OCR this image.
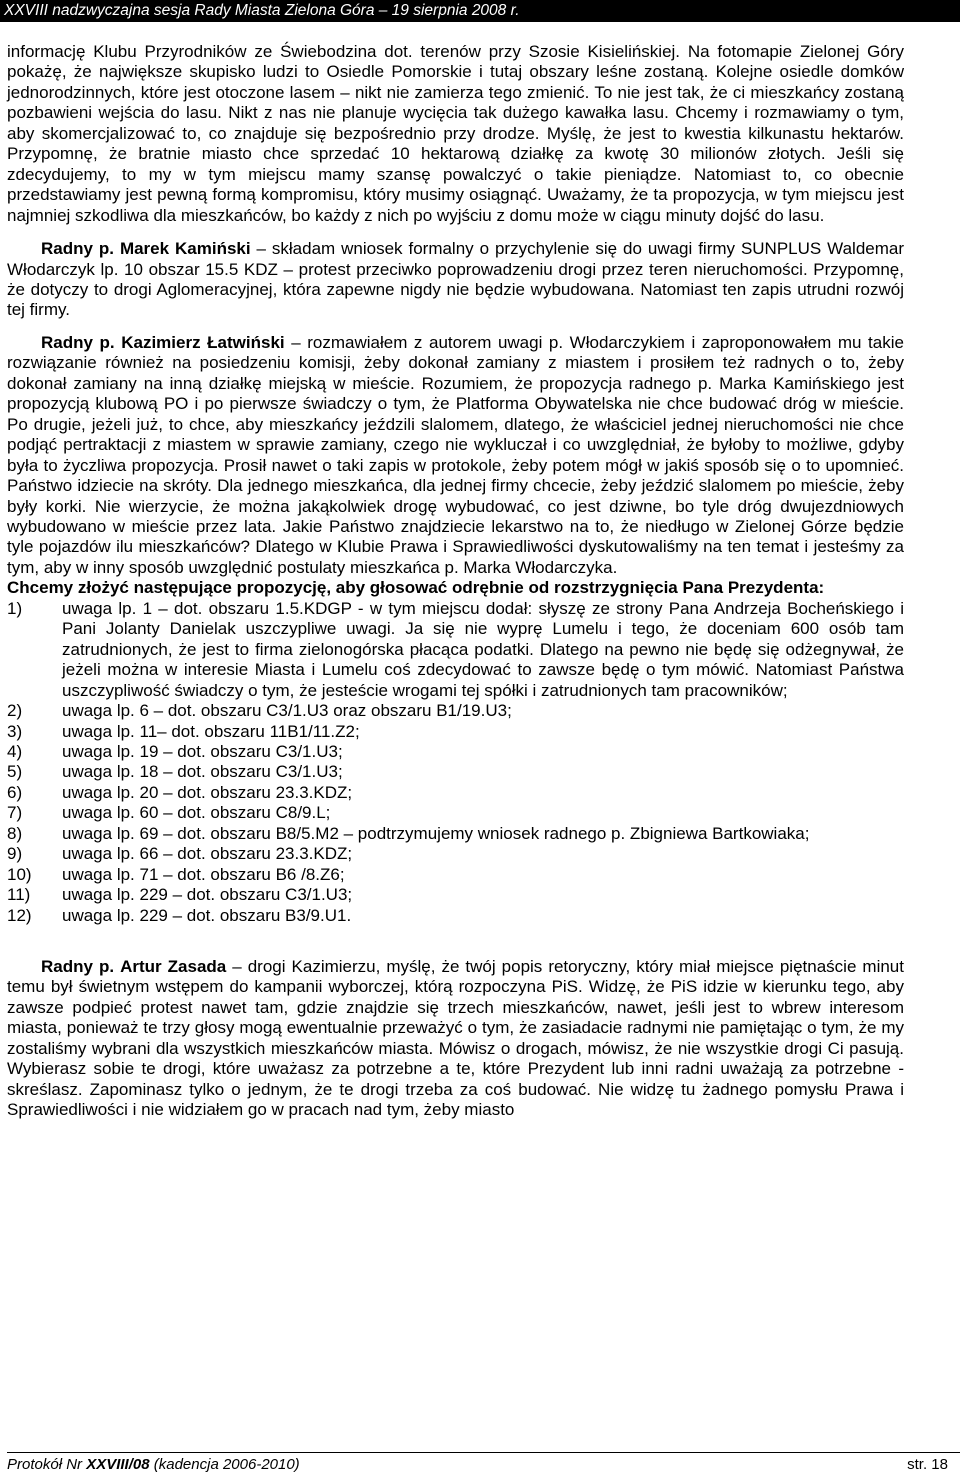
XXVIII nadzwyczajna sesja Rady Miasta Zielona Góra – 19 sierpnia 2008 r.

informację Klubu Przyrodników ze Świebodzina dot. terenów przy Szosie Kisielińskiej. Na fotomapie Zielonej Góry pokażę, że największe skupisko ludzi to Osiedle Pomorskie i tutaj obszary leśne zostaną. Kolejne osiedle domków jednorodzinnych, które jest otoczone lasem – nikt nie zamierza tego zmienić. To nie jest tak, że ci mieszkańcy zostaną pozbawieni wejścia do lasu. Nikt z nas nie planuje wycięcia tak dużego kawałka lasu. Chcemy i rozmawiamy o tym, aby skomercjalizować to, co znajduje się bezpośrednio przy drodze. Myślę, że jest to kwestia kilkunastu hektarów. Przypomnę, że bratnie miasto chce sprzedać 10 hektarową działkę za kwotę 30 milionów złotych. Jeśli się zdecydujemy, to my w tym miejscu mamy szansę powalczyć o takie pieniądze. Natomiast to, co obecnie przedstawiamy jest pewną formą kompromisu, który musimy osiągnąć. Uważamy, że ta propozycja, w tym miejscu jest najmniej szkodliwa dla mieszkańców, bo każdy z nich po wyjściu z domu może w ciągu minuty dojść do lasu.

Radny p. Marek Kamiński – składam wniosek formalny o przychylenie się do uwagi firmy SUNPLUS Waldemar Włodarczyk lp. 10 obszar 15.5 KDZ – protest przeciwko poprowadzeniu drogi przez teren nieruchomości. Przypomnę, że dotyczy to drogi Aglomeracyjnej, która zapewne nigdy nie będzie wybudowana. Natomiast ten zapis utrudni rozwój tej firmy.

Radny p. Kazimierz Łatwiński – rozmawiałem z autorem uwagi p. Włodarczykiem i zaproponowałem mu takie rozwiązanie również na posiedzeniu komisji, żeby dokonał zamiany z miastem i prosiłem też radnych o to, żeby dokonał zamiany na inną działkę miejską w mieście. Rozumiem, że propozycja radnego p. Marka Kamińskiego jest propozycją klubową PO i po pierwsze świadczy o tym, że Platforma Obywatelska nie chce budować dróg w mieście. Po drugie, jeżeli już, to chce, aby mieszkańcy jeździli slalomem, dlatego, że właściciel jednej nieruchomości nie chce podjąć pertraktacji z miastem w sprawie zamiany, czego nie wykluczał i co uwzględniał, że byłoby to możliwe, gdyby była to życzliwa propozycja. Prosił nawet o taki zapis w protokole, żeby potem mógł w jakiś sposób się o to upomnieć. Państwo idziecie na skróty. Dla jednego mieszkańca, dla jednej firmy chcecie, żeby jeździć slalomem po mieście, żeby były korki. Nie wierzycie, że można jakąkolwiek drogę wybudować, co jest dziwne, bo tyle dróg dwujezdniowych wybudowano w mieście przez lata. Jakie Państwo znajdziecie lekarstwo na to, że niedługo w Zielonej Górze będzie tyle pojazdów ilu mieszkańców? Dlatego w Klubie Prawa i Sprawiedliwości dyskutowaliśmy na ten temat i jesteśmy za tym, aby w inny sposób uwzględnić postulaty mieszkańca p. Marka Włodarczyka.

Chcemy złożyć następujące propozycję, aby głosować odrębnie od rozstrzygnięcia Pana Prezydenta:

1)	uwaga lp. 1 – dot. obszaru 1.5.KDGP - w tym miejscu dodał: słyszę ze strony Pana Andrzeja Bocheńskiego i Pani Jolanty Danielak uszczypliwe uwagi. Ja się nie wyprę Lumelu i tego, że doceniam 600 osób tam zatrudnionych, że jest to firma zielonogórska płacąca podatki. Dlatego na pewno nie będę się odżegnywał, że jeżeli można w interesie Miasta i Lumelu coś zdecydować to zawsze będę o tym mówić. Natomiast Państwa uszczypliwość świadczy o tym, że jesteście wrogami tej spółki i zatrudnionych tam pracowników;
2)	uwaga lp. 6 – dot. obszaru C3/1.U3 oraz obszaru B1/19.U3;
3)	uwaga lp. 11– dot. obszaru 11B1/11.Z2;
4)	uwaga lp. 19 – dot. obszaru C3/1.U3;
5)	uwaga lp. 18 – dot. obszaru C3/1.U3;
6)	uwaga lp. 20 – dot. obszaru 23.3.KDZ;
7)	uwaga lp. 60 – dot. obszaru C8/9.L;
8)	uwaga lp. 69 – dot. obszaru B8/5.M2 – podtrzymujemy wniosek radnego p. Zbigniewa Bartkowiaka;
9)	uwaga lp. 66 – dot. obszaru 23.3.KDZ;
10)	uwaga lp. 71 – dot. obszaru B6 /8.Z6;
11)	uwaga lp. 229 – dot. obszaru C3/1.U3;
12)	uwaga lp. 229 – dot. obszaru B3/9.U1.

Radny p. Artur Zasada – drogi Kazimierzu, myślę, że twój popis retoryczny, który miał miejsce piętnaście minut temu był świetnym wstępem do kampanii wyborczej, którą rozpoczyna PiS. Widzę, że PiS idzie w kierunku tego, aby zawsze podpieć protest nawet tam, gdzie znajdzie się trzech mieszkańców, nawet, jeśli jest to wbrew interesom miasta, ponieważ te trzy głosy mogą ewentualnie przeważyć o tym, że zasiadacie radnymi nie pamiętając o tym, że my zostaliśmy wybrani dla wszystkich mieszkańców miasta. Mówisz o drogach, mówisz, że nie wszystkie drogi Ci pasują. Wybierasz sobie te drogi, które uważasz za potrzebne a te, które Prezydent lub inni radni uważają za potrzebne - skreślasz. Zapominasz tylko o jednym, że te drogi trzeba za coś budować. Nie widzę tu żadnego pomysłu Prawa i Sprawiedliwości i nie widziałem go w pracach nad tym, żeby miasto

Protokół Nr XXVIII/08 (kadencja 2006-2010)	str. 18
